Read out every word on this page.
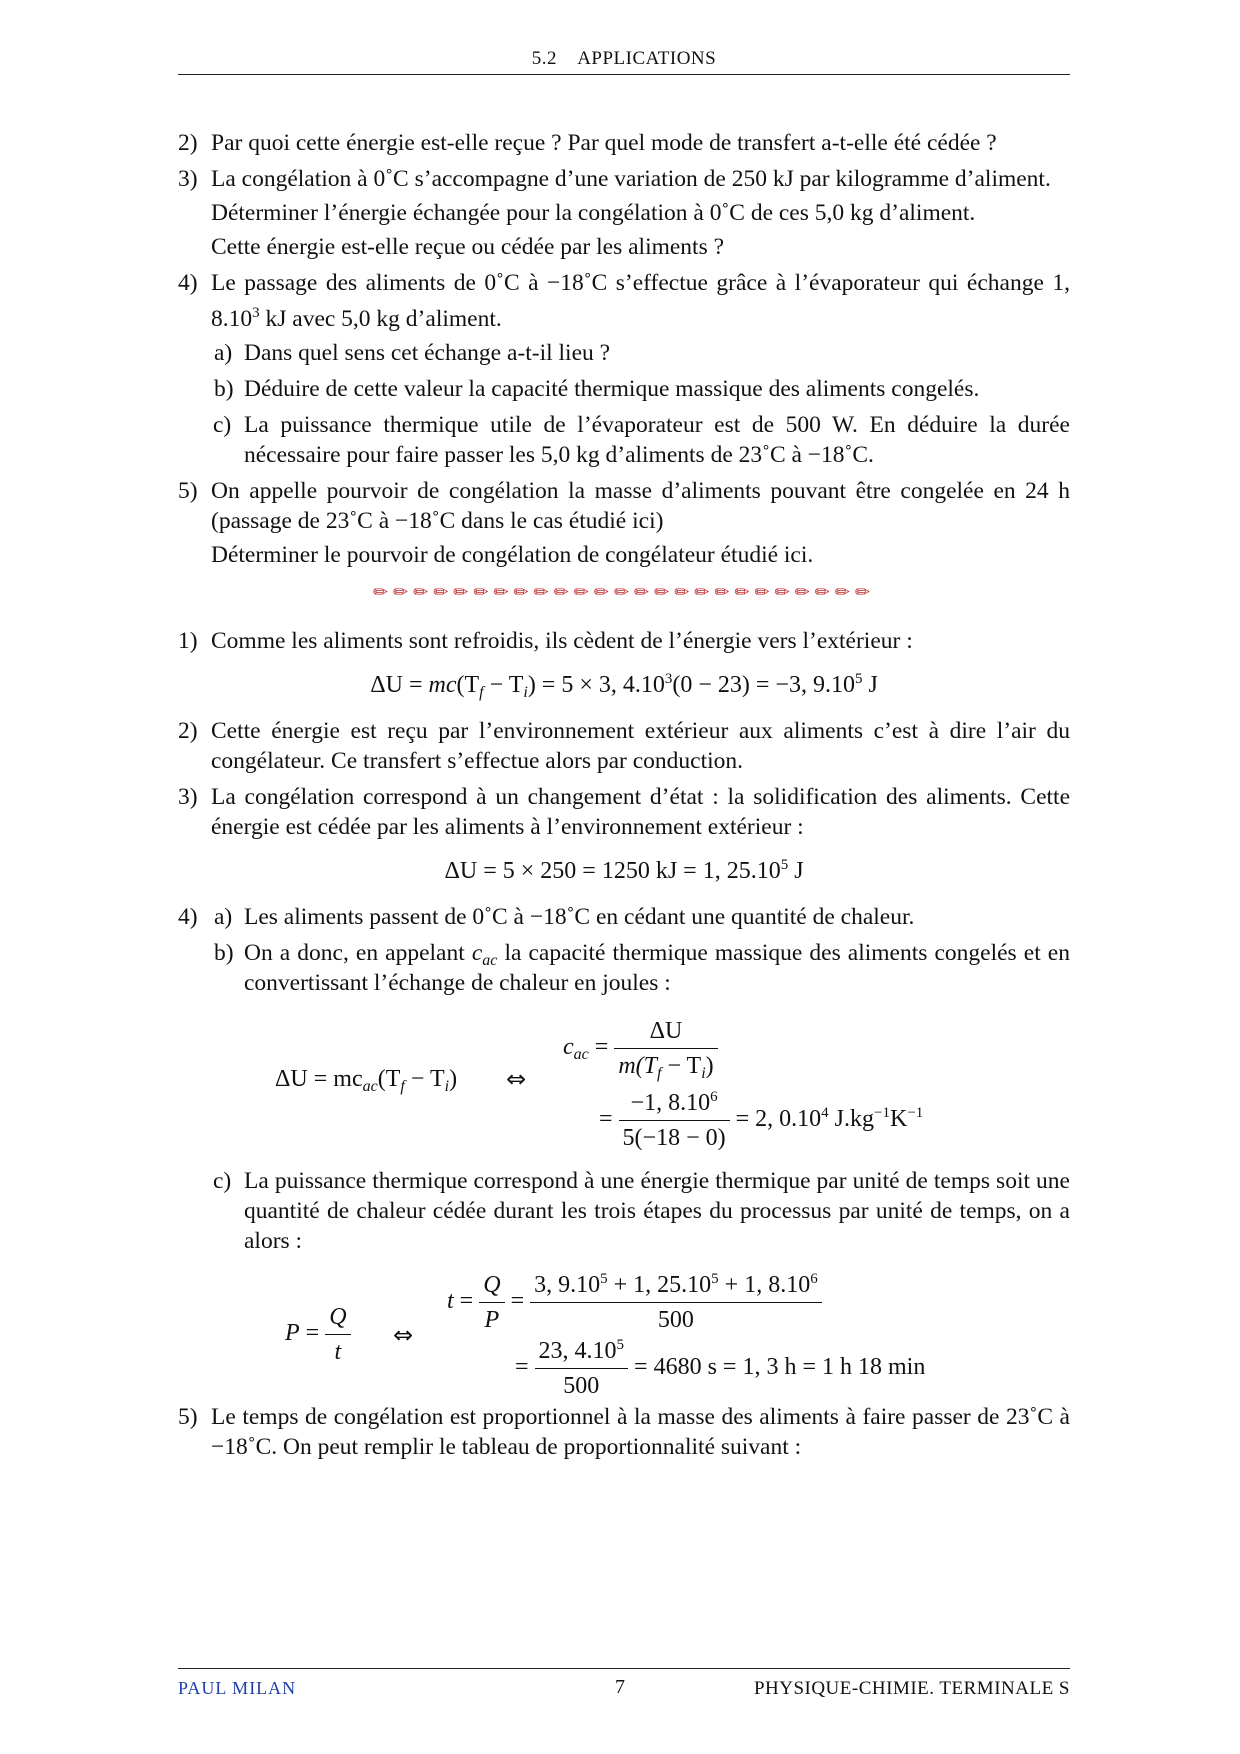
5.2 APPLICATIONS
2) Par quoi cette énergie est-elle reçue ? Par quel mode de transfert a-t-elle été cédée ?
3) La congélation à 0˚C s’accompagne d’une variation de 250 kJ par kilogramme d’aliment.
Déterminer l’énergie échangée pour la congélation à 0˚C de ces 5,0 kg d’aliment.
Cette énergie est-elle reçue ou cédée par les aliments ?
4) Le passage des aliments de 0˚C à −18˚C s’effectue grâce à l’évaporateur qui échange 1, 8.10$^3$ kJ avec 5,0 kg d’aliment.
a) Dans quel sens cet échange a-t-il lieu ?
b) Déduire de cette valeur la capacité thermique massique des aliments congelés.
c) La puissance thermique utile de l’évaporateur est de 500 W. En déduire la durée nécessaire pour faire passer les 5,0 kg d’aliments de 23˚C à −18˚C.
5) On appelle pourvoir de congélation la masse d’aliments pouvant être congelée en 24 h (passage de 23˚C à −18˚C dans le cas étudié ici)
Déterminer le pourvoir de congélation de congélateur étudié ici.
✏✏✏✏✏✏✏✏✏✏✏✏✏✏✏✏✏✏✏✏✏✏✏✏✏
1) Comme les aliments sont refroidis, ils cèdent de l’énergie vers l’extérieur :
$\Delta U = mc(T_f - T_i) = 5 \times 3$, $4.10^3(0 - 23) = -3$, 9.10$^5$ J
2) Cette énergie est reçu par l’environnement extérieur aux aliments c’est à dire l’air du congélateur. Ce transfert s’effectue alors par conduction.
3) La congélation correspond à un changement d’état : la solidification des aliments. Cette énergie est cédée par les aliments à l’environnement extérieur :
ΔU = 5 × 250 = 1250 kJ = 1, 25.10$^5$ J
4) a) Les aliments passent de 0˚C à −18˚C en cédant une quantité de chaleur.
b) On a donc, en appelant $c_{ac}$ la capacité thermique massique des aliments congelés et en convertissant l’échange de chaleur en joules :
$\Delta U = mc_{ac}(T_f - T_i)$ ⇔
$c_{ac} = \frac{\Delta U}{m(T_f - T_i)}$
= $\frac{-1, 8.10^6}{5(-18 - 0)} = 2$, 0.10$^4$ $J.kg^{-1}K^{-1}$
c) La puissance thermique correspond à une énergie thermique par unité de temps soit une quantité de chaleur cédée durant les trois étapes du processus par unité de temps, on a alors :
$P = \frac{Q}{t}$ ⇔
$t = \frac{Q}{P} = \frac{3, 9.10^5 + 1, 25.10^5 + 1, 8.10^6}{500}$
= $\frac{23, 4.10^5}{500} = 4680$ s = 1, 3 h = 1 h 18 min
5) Le temps de congélation est proportionnel à la masse des aliments à faire passer de 23˚C à −18˚C. On peut remplir le tableau de proportionnalité suivant :
PAUL MILAN	7	PHYSIQUE-CHIMIE. TERMINALE S
